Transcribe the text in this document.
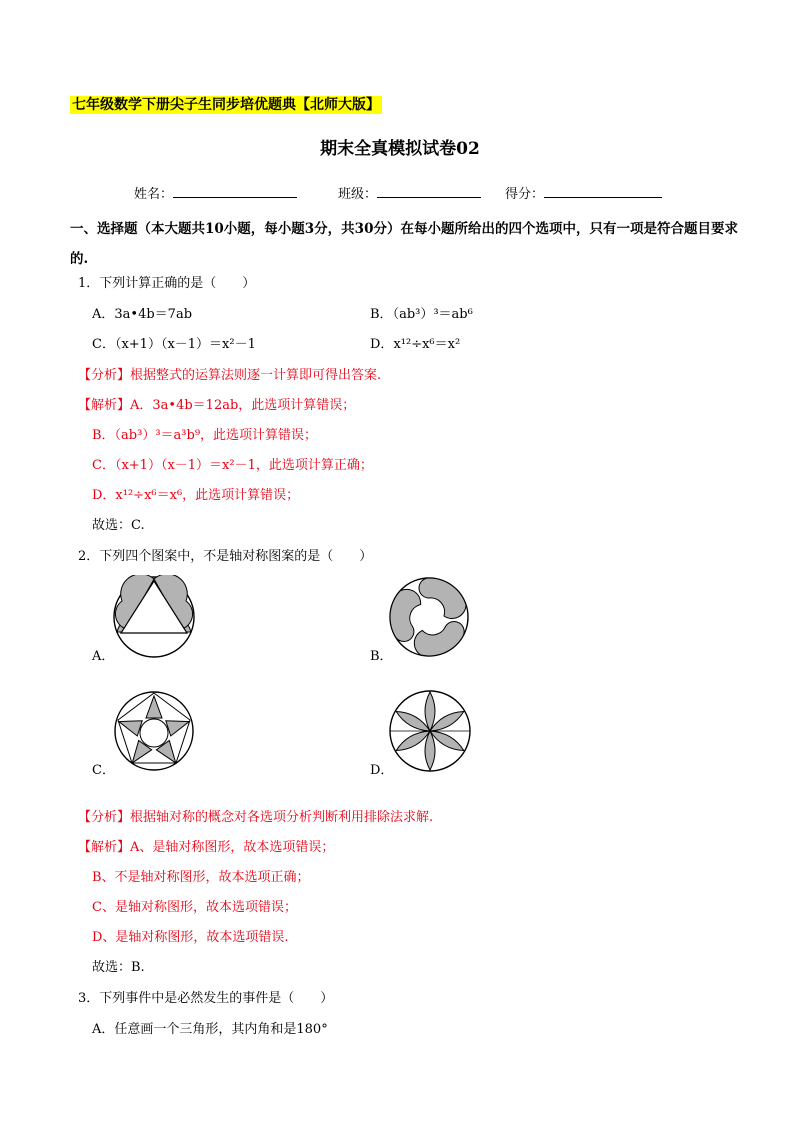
七年级数学下册尖子生同步培优题典【北师大版】
期末全真模拟试卷02
姓名：	班级：	得分：
一、选择题（本大题共10小题，每小题3分，共30分）在每小题所给出的四个选项中，只有一项是符合题目要求的.
1．下列计算正确的是（　　）
A．3a•4b＝7ab	B．（ab³）³＝ab⁶
C．（x+1）（x－1）＝x²－1	D．x¹²÷x⁶＝x²
【分析】根据整式的运算法则逐一计算即可得出答案.
【解析】A．3a•4b＝12ab，此选项计算错误；
B．（ab³）³＝a³b⁹，此选项计算错误；
C．（x+1）（x－1）＝x²－1，此选项计算正确；
D．x¹²÷x⁶＝x⁶，此选项计算错误；
故选：C.
2．下列四个图案中，不是轴对称图案的是（　　）
A．	B．
C．	D．
【分析】根据轴对称的概念对各选项分析判断利用排除法求解.
【解析】A、是轴对称图形，故本选项错误；
B、不是轴对称图形，故本选项正确；
C、是轴对称图形，故本选项错误；
D、是轴对称图形，故本选项错误.
故选：B.
3．下列事件中是必然发生的事件是（　　）
A．任意画一个三角形，其内角和是180°
